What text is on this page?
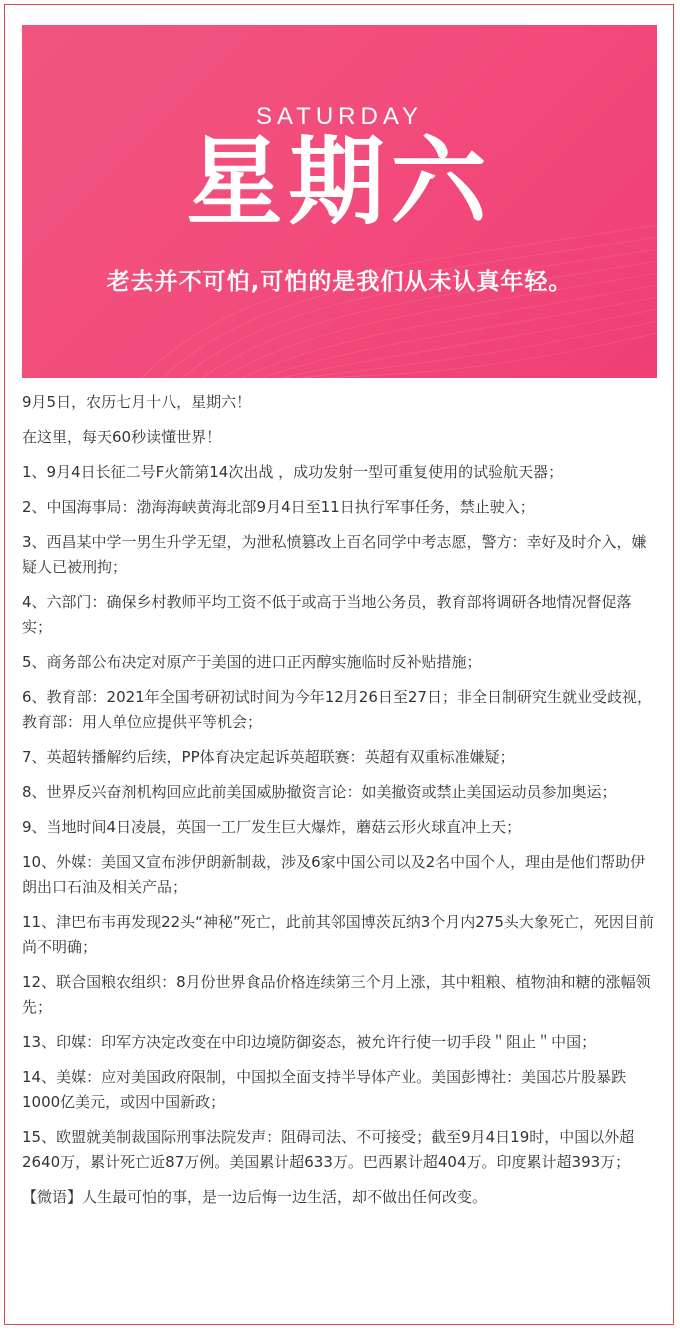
SATURDAY
星期六
老去并不可怕,可怕的是我们从未认真年轻。

9月5日，农历七月十八，星期六！

在这里，每天60秒读懂世界！

1、9月4日长征二号F火箭第14次出战 ，成功发射一型可重复使用的试验航天器；

2、中国海事局：渤海海峡黄海北部9月4日至11日执行军事任务，禁止驶入；

3、西昌某中学一男生升学无望，为泄私愤篡改上百名同学中考志愿，警方：幸好及时介入，嫌疑人已被刑拘；

4、六部门：确保乡村教师平均工资不低于或高于当地公务员，教育部将调研各地情况督促落实；

5、商务部公布决定对原产于美国的进口正丙醇实施临时反补贴措施；

6、教育部：2021年全国考研初试时间为今年12月26日至27日；非全日制研究生就业受歧视，教育部：用人单位应提供平等机会；

7、英超转播解约后续，PP体育决定起诉英超联赛：英超有双重标准嫌疑；

8、世界反兴奋剂机构回应此前美国威胁撤资言论：如美撤资或禁止美国运动员参加奥运；

9、当地时间4日凌晨，英国一工厂发生巨大爆炸，蘑菇云形火球直冲上天；

10、外媒：美国又宣布涉伊朗新制裁，涉及6家中国公司以及2名中国个人，理由是他们帮助伊朗出口石油及相关产品；

11、津巴布韦再发现22头“神秘”死亡，此前其邻国博茨瓦纳3个月内275头大象死亡，死因目前尚不明确；

12、联合国粮农组织：8月份世界食品价格连续第三个月上涨，其中粗粮、植物油和糖的涨幅领先；

13、印媒：印军方决定改变在中印边境防御姿态，被允许行使一切手段＂阻止＂中国；

14、美媒：应对美国政府限制，中国拟全面支持半导体产业。美国彭博社：美国芯片股暴跌1000亿美元，或因中国新政；

15、欧盟就美制裁国际刑事法院发声：阻碍司法、不可接受；截至9月4日19时，中国以外超2640万，累计死亡近87万例。美国累计超633万。巴西累计超404万。印度累计超393万；

【微语】人生最可怕的事，是一边后悔一边生活，却不做出任何改变。
